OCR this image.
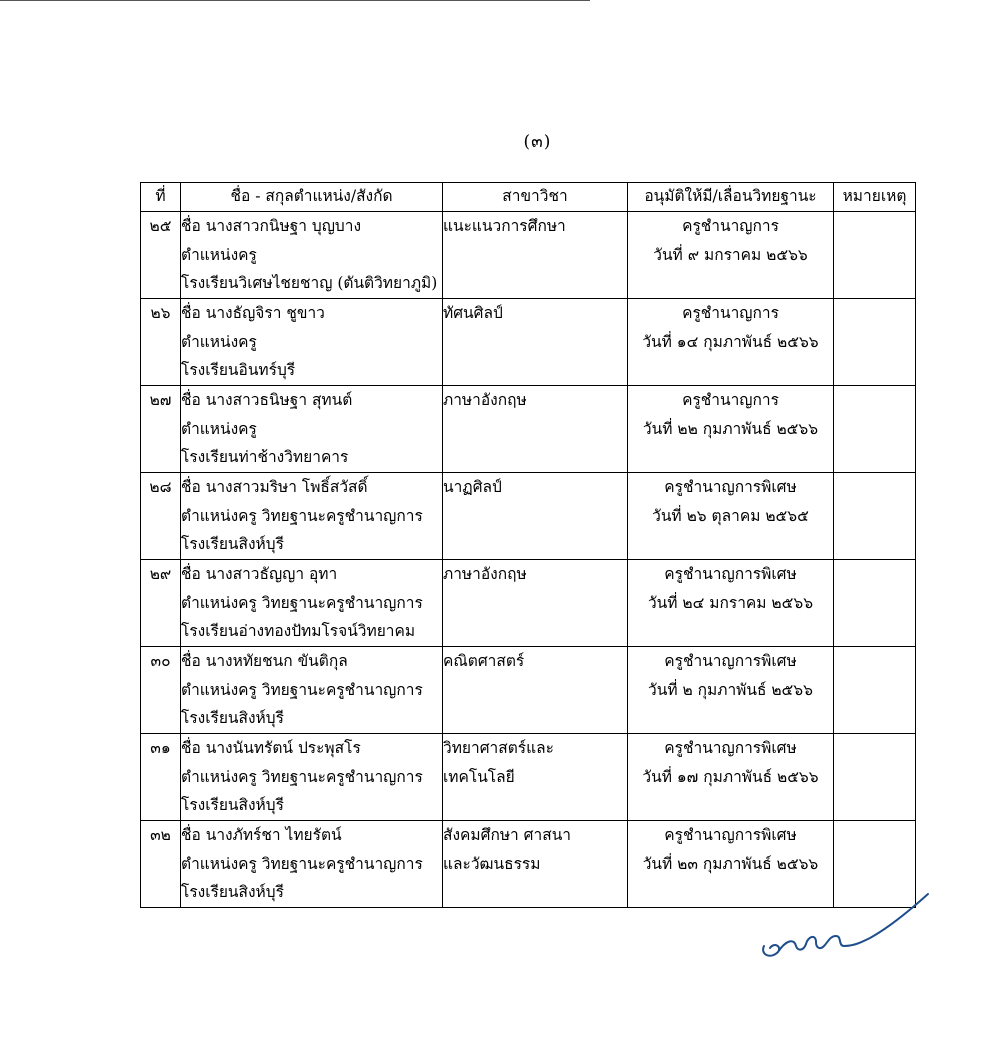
(๓)
ที่	ชื่อ - สกุลตำแหน่ง/สังกัด	สาขาวิชา	อนุมัติให้มี/เลื่อนวิทยฐานะ	หมายเหตุ
๒๕	ชื่อ นางสาวกนิษฐา บุญบาง
ตำแหน่งครู
โรงเรียนวิเศษไชยชาญ (ตันติวิทยาภูมิ)	แนะแนวการศึกษา	ครูชำนาญการ
วันที่ ๙ มกราคม ๒๕๖๖	

๒๖	ชื่อ นางธัญจิรา ชูขาว
ตำแหน่งครู
โรงเรียนอินทร์บุรี	ทัศนศิลป์	ครูชำนาญการ
วันที่ ๑๔ กุมภาพันธ์ ๒๕๖๖	

๒๗	ชื่อ นางสาวธนิษฐา สุทนต์
ตำแหน่งครู
โรงเรียนท่าช้างวิทยาคาร	ภาษาอังกฤษ	ครูชำนาญการ
วันที่ ๒๒ กุมภาพันธ์ ๒๕๖๖	

๒๘	ชื่อ นางสาวมริษา โพธิ์สวัสดิ์
ตำแหน่งครู วิทยฐานะครูชำนาญการ
โรงเรียนสิงห์บุรี	นาฏศิลป์	ครูชำนาญการพิเศษ
วันที่ ๒๖ ตุลาคม ๒๕๖๕	

๒๙	ชื่อ นางสาวธัญญา อุทา
ตำแหน่งครู วิทยฐานะครูชำนาญการ
โรงเรียนอ่างทองปัทมโรจน์วิทยาคม	ภาษาอังกฤษ	ครูชำนาญการพิเศษ
วันที่ ๒๔ มกราคม ๒๕๖๖	

๓๐	ชื่อ นางหทัยชนก ขันติกุล
ตำแหน่งครู วิทยฐานะครูชำนาญการ
โรงเรียนสิงห์บุรี	คณิตศาสตร์	ครูชำนาญการพิเศษ
วันที่ ๒ กุมภาพันธ์ ๒๕๖๖	

๓๑	ชื่อ นางนันทรัตน์ ประพุสโร
ตำแหน่งครู วิทยฐานะครูชำนาญการ
โรงเรียนสิงห์บุรี	วิทยาศาสตร์และ
เทคโนโลยี	ครูชำนาญการพิเศษ
วันที่ ๑๗ กุมภาพันธ์ ๒๕๖๖	

๓๒	ชื่อ นางภัทร์ชา ไทยรัตน์
ตำแหน่งครู วิทยฐานะครูชำนาญการ
โรงเรียนสิงห์บุรี	สังคมศึกษา ศาสนา
และวัฒนธรรม	ครูชำนาญการพิเศษ
วันที่ ๒๓ กุมภาพันธ์ ๒๕๖๖	
